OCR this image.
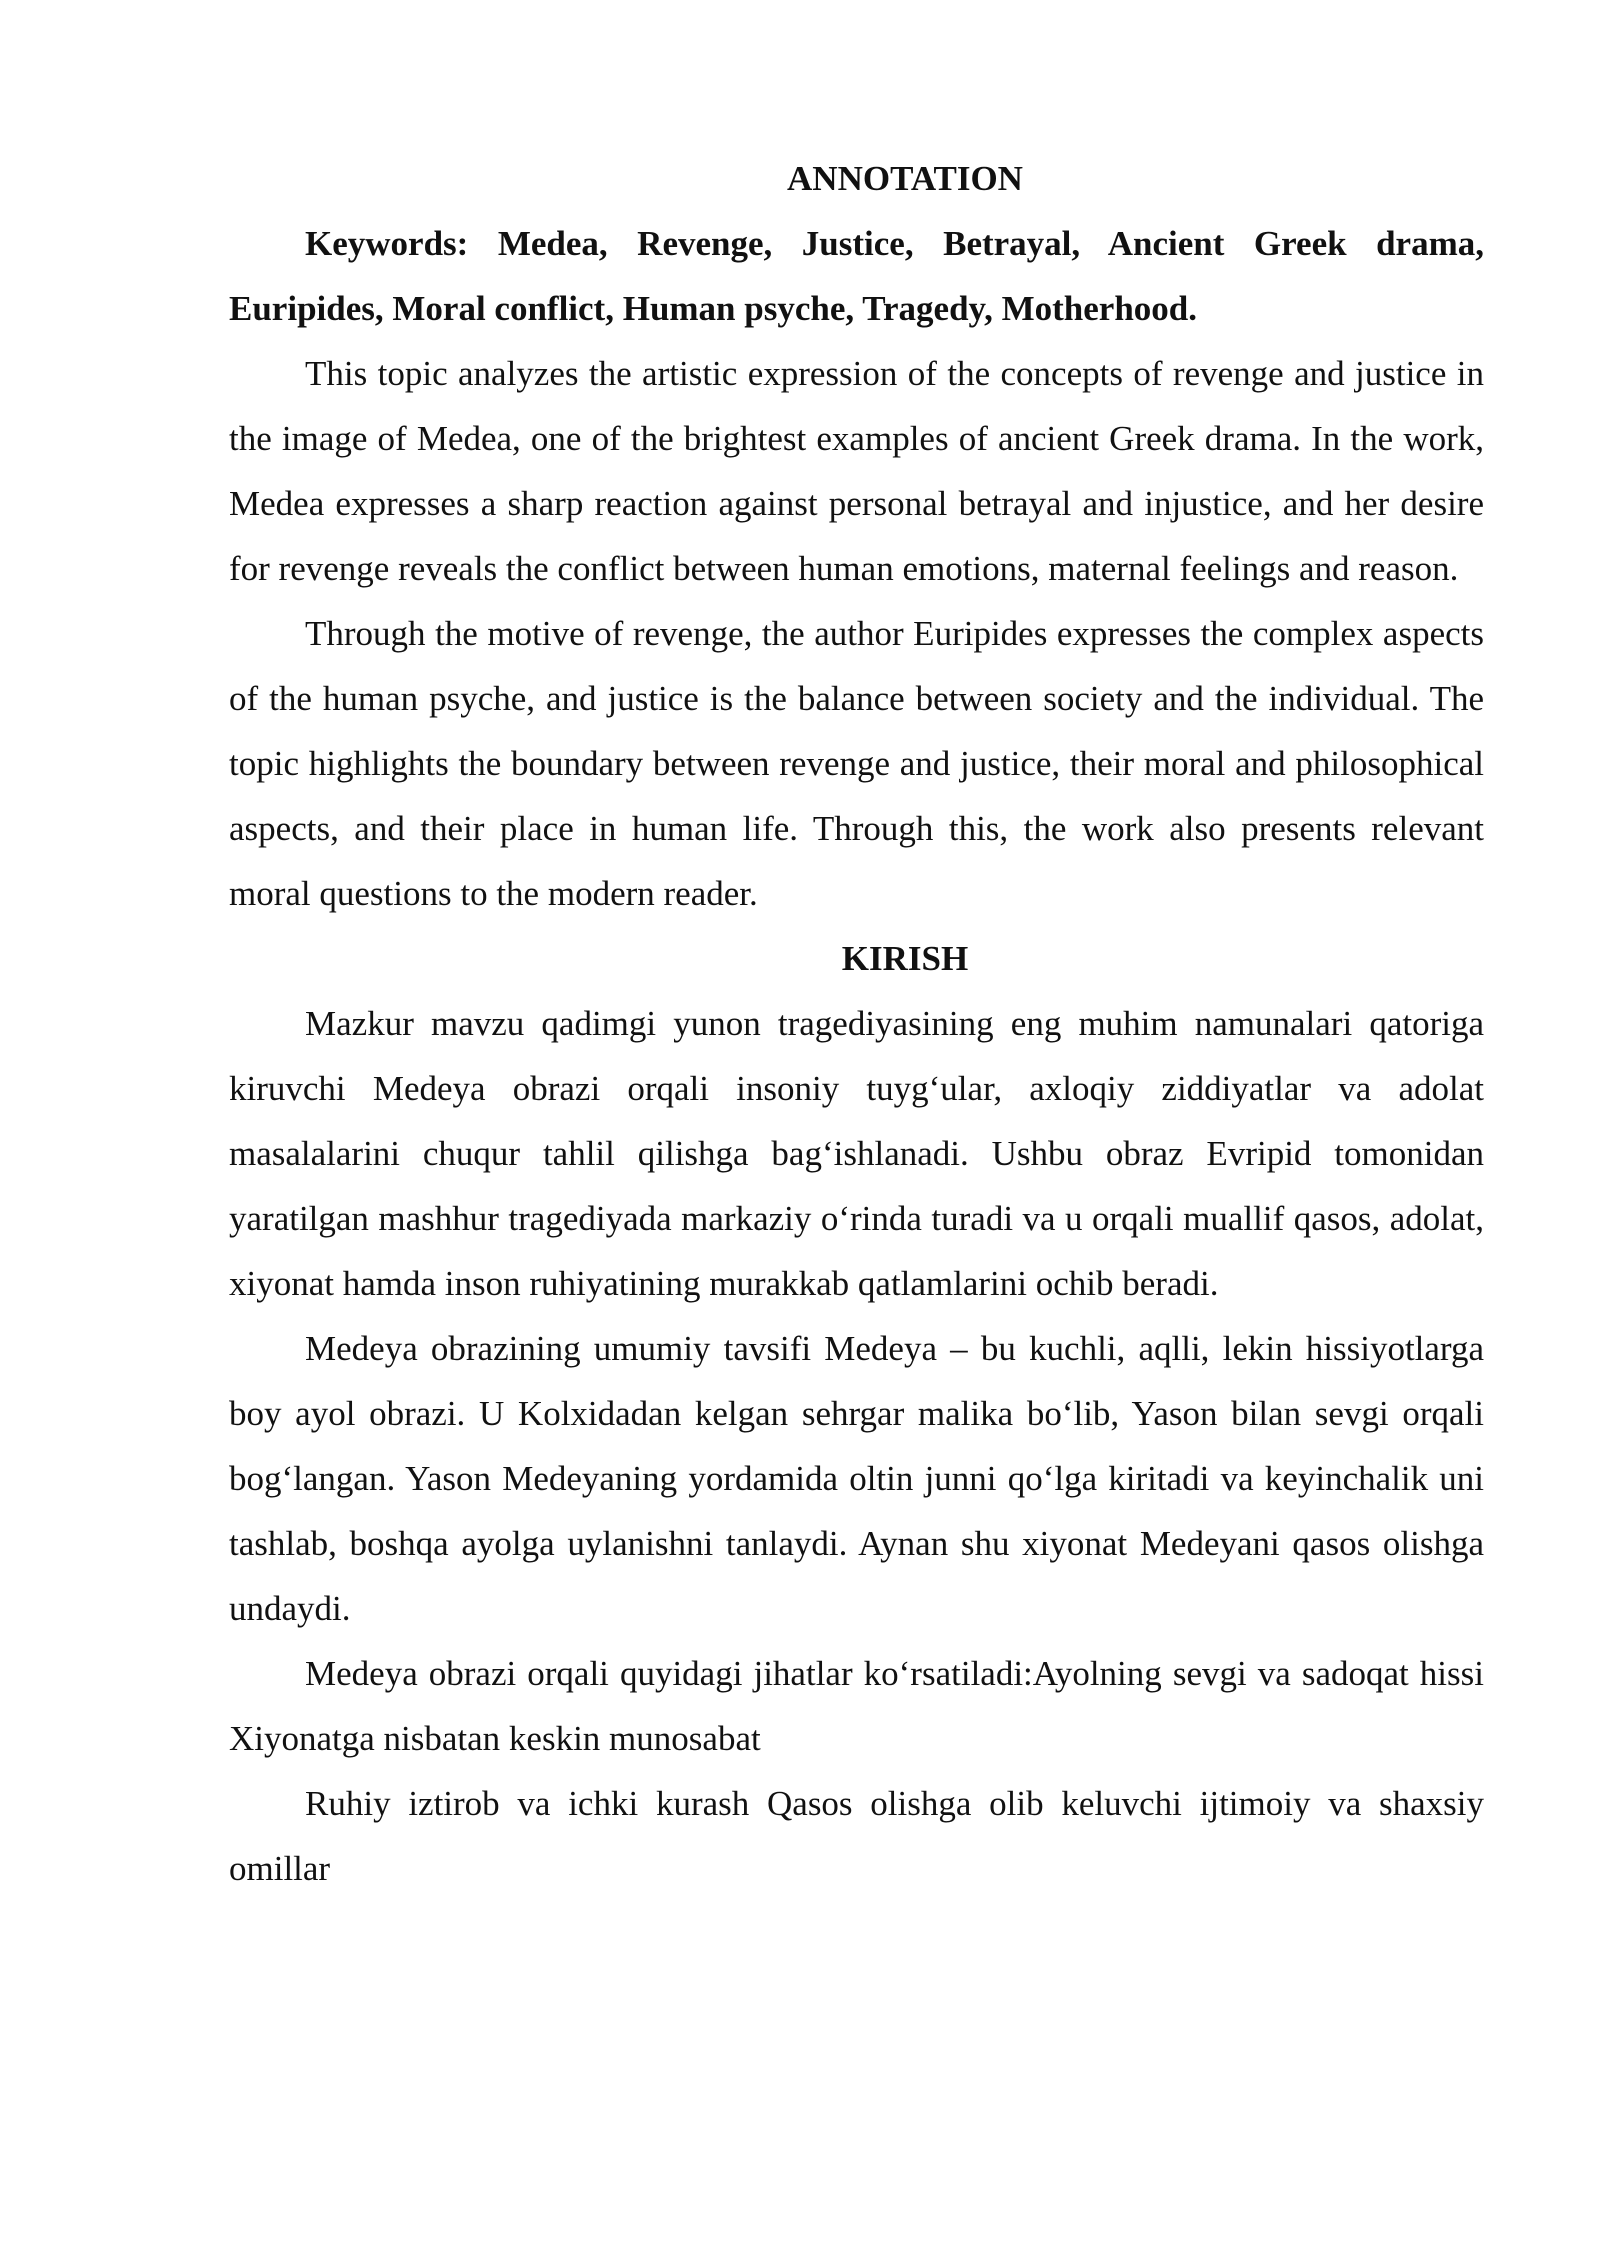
ANNOTATION

Keywords: Medea, Revenge, Justice, Betrayal, Ancient Greek drama, Euripides, Moral conflict, Human psyche, Tragedy, Motherhood.

This topic analyzes the artistic expression of the concepts of revenge and justice in the image of Medea, one of the brightest examples of ancient Greek drama. In the work, Medea expresses a sharp reaction against personal betrayal and injustice, and her desire for revenge reveals the conflict between human emotions, maternal feelings and reason.

Through the motive of revenge, the author Euripides expresses the complex aspects of the human psyche, and justice is the balance between society and the individual. The topic highlights the boundary between revenge and justice, their moral and philosophical aspects, and their place in human life. Through this, the work also presents relevant moral questions to the modern reader.

KIRISH

Mazkur mavzu qadimgi yunon tragediyasining eng muhim namunalari qatoriga kiruvchi Medeya obrazi orqali insoniy tuyg‘ular, axloqiy ziddiyatlar va adolat masalalarini chuqur tahlil qilishga bag‘ishlanadi. Ushbu obraz Evripid tomonidan yaratilgan mashhur tragediyada markaziy o‘rinda turadi va u orqali muallif qasos, adolat, xiyonat hamda inson ruhiyatining murakkab qatlamlarini ochib beradi.

Medeya obrazining umumiy tavsifi Medeya – bu kuchli, aqlli, lekin hissiyotlarga boy ayol obrazi. U Kolxidadan kelgan sehrgar malika bo‘lib, Yason bilan sevgi orqali bog‘langan. Yason Medeyaning yordamida oltin junni qo‘lga kiritadi va keyinchalik uni tashlab, boshqa ayolga uylanishni tanlaydi. Aynan shu xiyonat Medeyani qasos olishga undaydi.

Medeya obrazi orqali quyidagi jihatlar ko‘rsatiladi:Ayolning sevgi va sadoqat hissi Xiyonatga nisbatan keskin munosabat

Ruhiy iztirob va ichki kurash Qasos olishga olib keluvchi ijtimoiy va shaxsiy omillar
